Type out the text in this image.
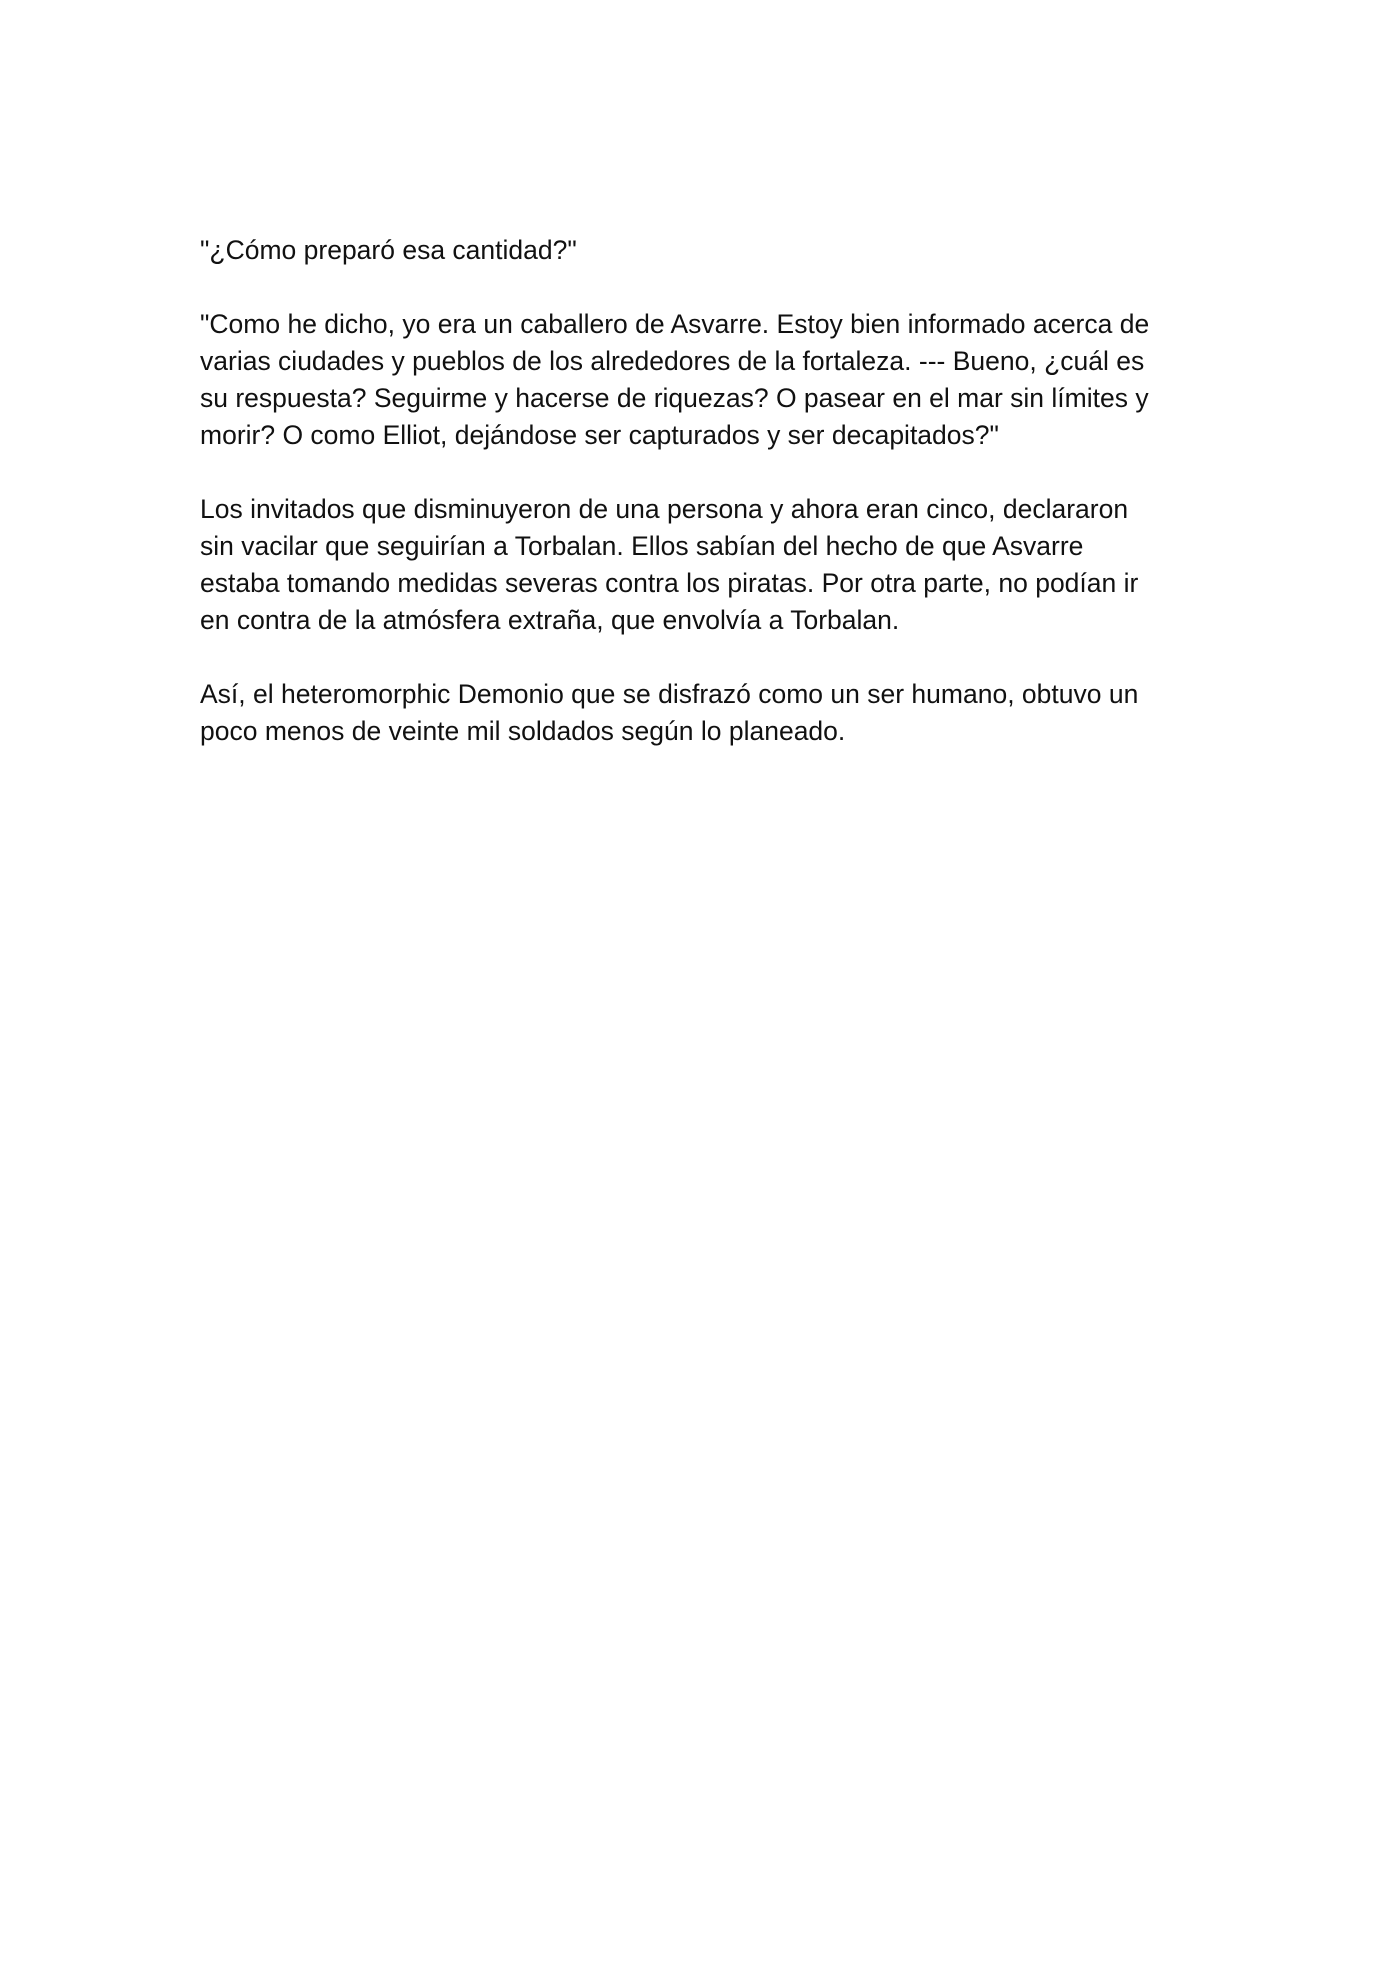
"¿Cómo preparó esa cantidad?"

"Como he dicho, yo era un caballero de Asvarre. Estoy bien informado acerca de
varias ciudades y pueblos de los alrededores de la fortaleza. --- Bueno, ¿cuál es
su respuesta? Seguirme y hacerse de riquezas? O pasear en el mar sin límites y
morir? O como Elliot, dejándose ser capturados y ser decapitados?"

Los invitados que disminuyeron de una persona y ahora eran cinco, declararon
sin vacilar que seguirían a Torbalan. Ellos sabían del hecho de que Asvarre
estaba tomando medidas severas contra los piratas. Por otra parte, no podían ir
en contra de la atmósfera extraña, que envolvía a Torbalan.

Así, el heteromorphic Demonio que se disfrazó como un ser humano, obtuvo un
poco menos de veinte mil soldados según lo planeado.
